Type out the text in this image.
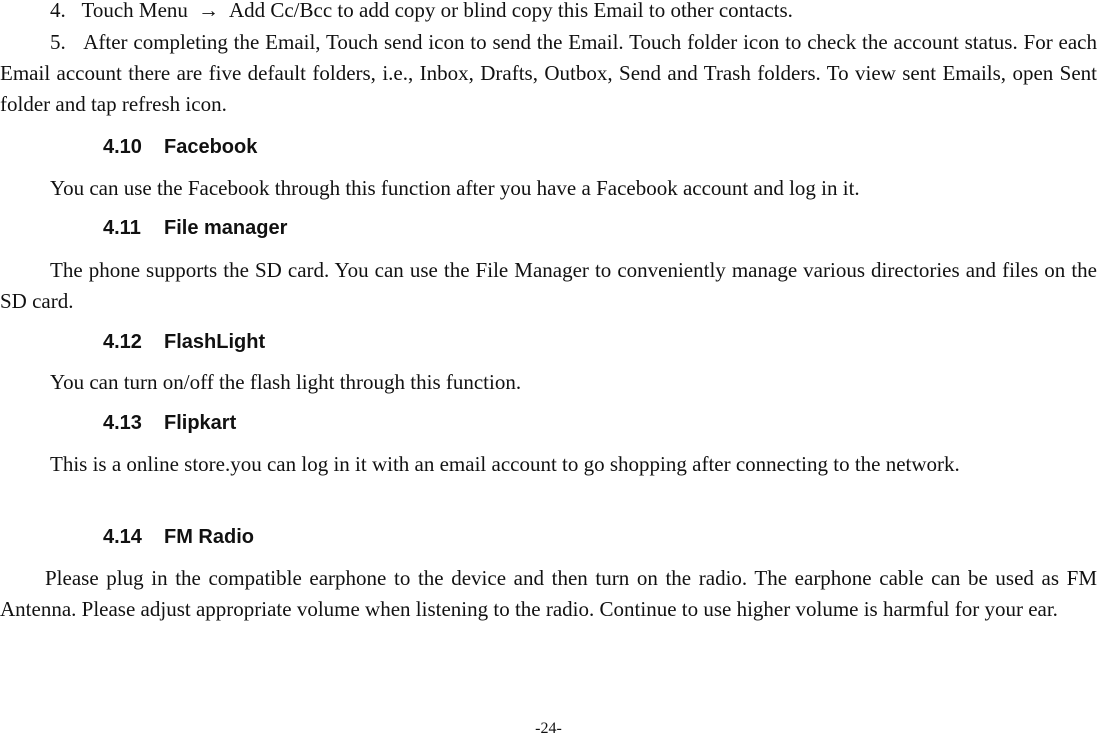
4. Touch Menu → Add Cc/Bcc to add copy or blind copy this Email to other contacts.

5. After completing the Email, Touch send icon to send the Email. Touch folder icon to check the account status. For each Email account there are five default folders, i.e., Inbox, Drafts, Outbox, Send and Trash folders. To view sent Emails, open Sent folder and tap refresh icon.

4.10 Facebook

You can use the Facebook through this function after you have a Facebook account and log in it.

4.11 File manager

The phone supports the SD card. You can use the File Manager to conveniently manage various directories and files on the SD card.

4.12 FlashLight

You can turn on/off the flash light through this function.

4.13 Flipkart

This is a online store.you can log in it with an email account to go shopping after connecting to the network.

4.14 FM Radio

Please plug in the compatible earphone to the device and then turn on the radio. The earphone cable can be used as FM Antenna. Please adjust appropriate volume when listening to the radio. Continue to use higher volume is harmful for your ear.

-24-
